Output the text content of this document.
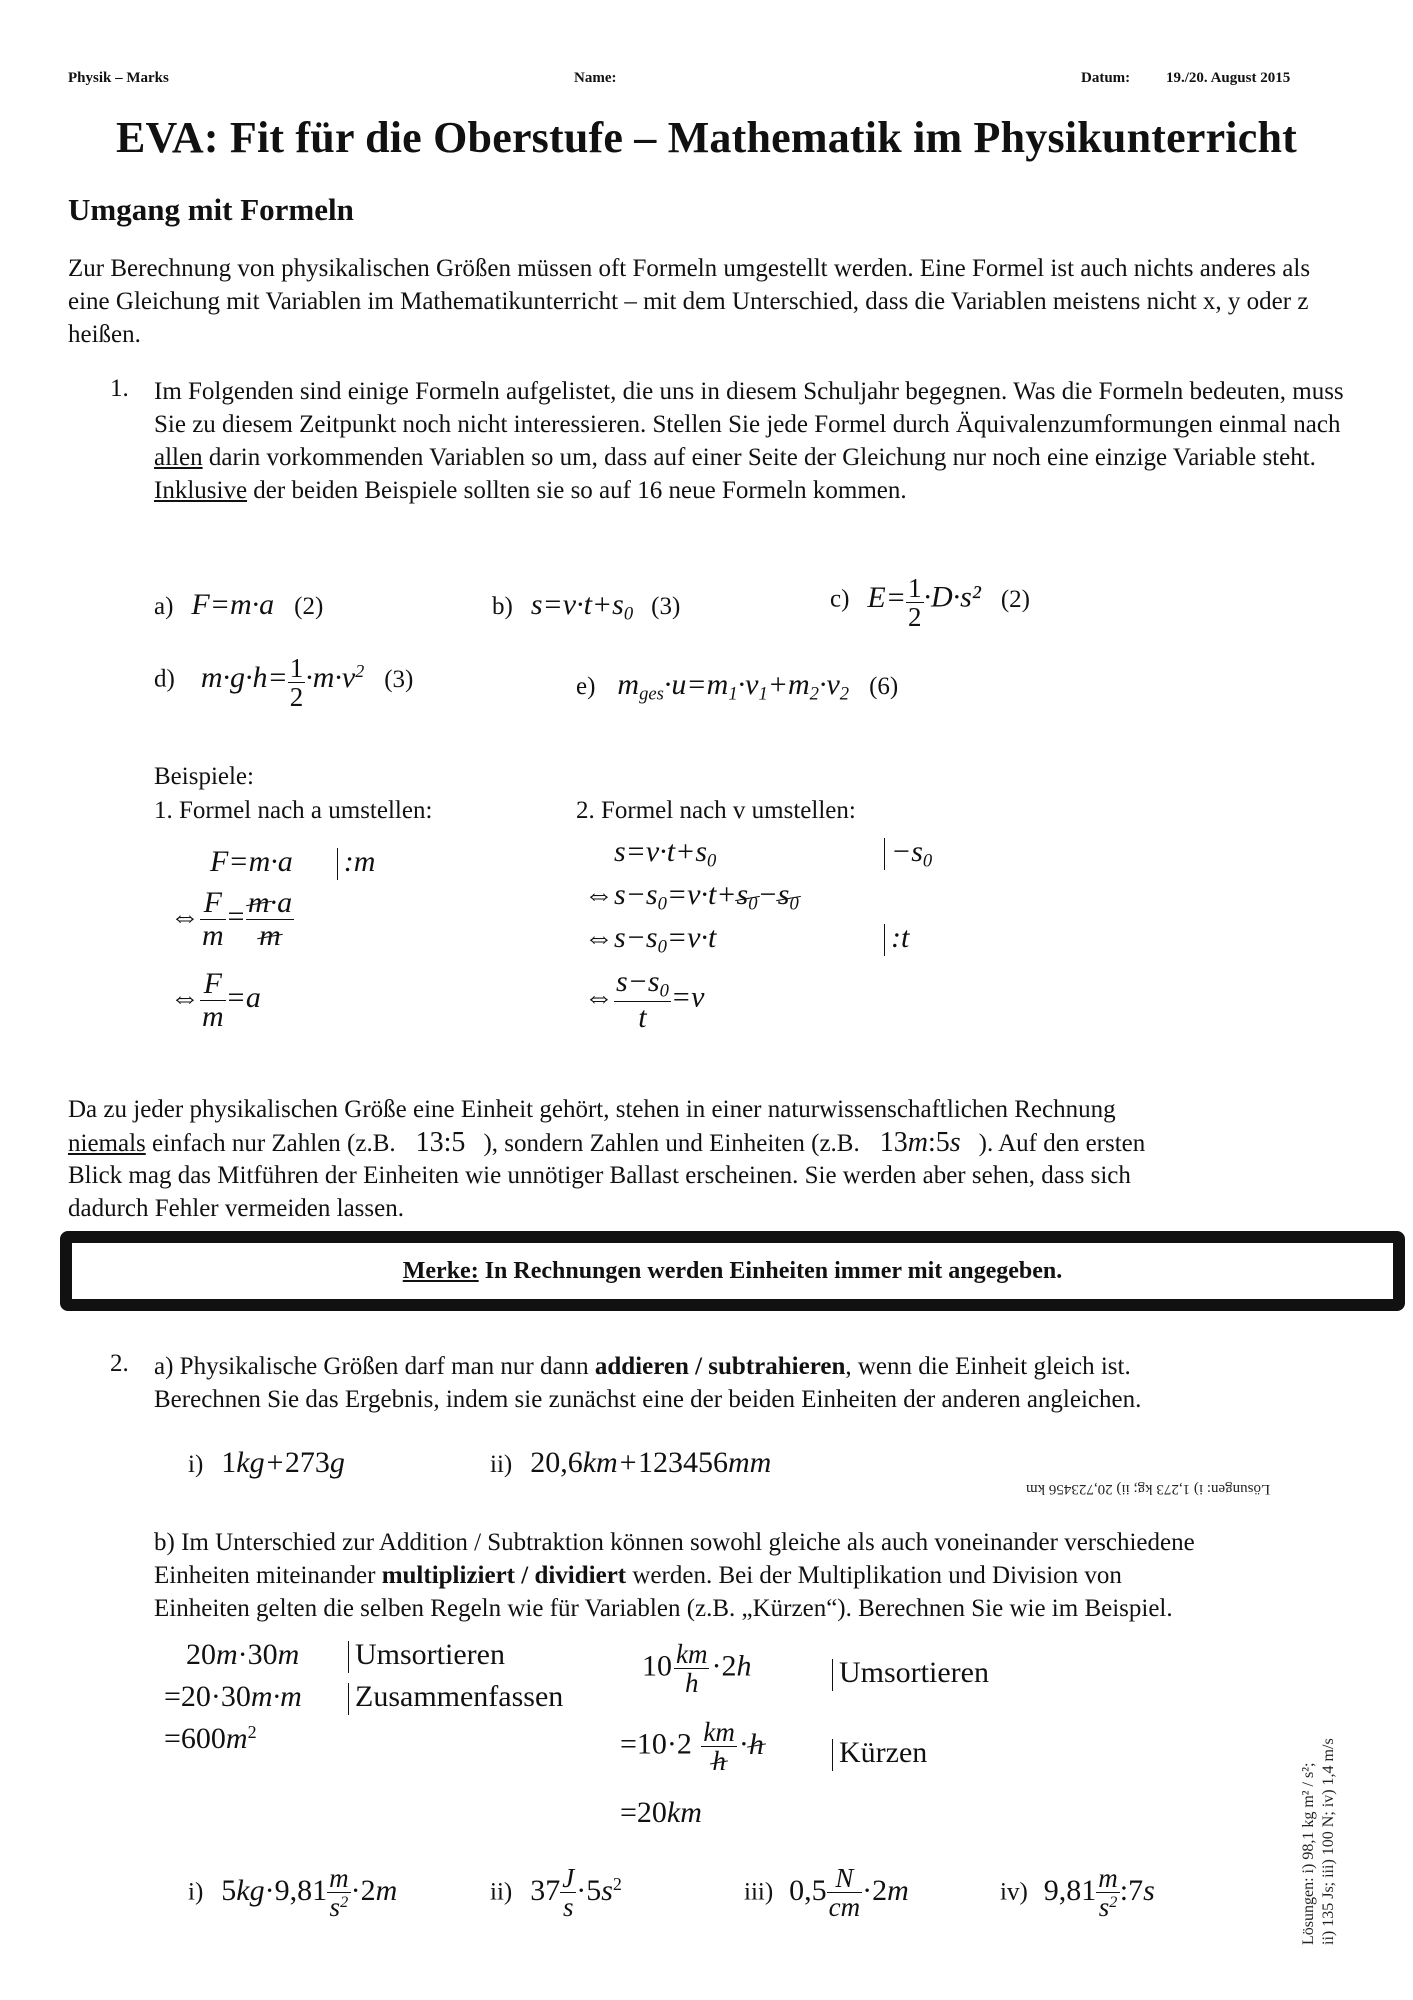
Physik – Marks	Name:	Datum: 19./20. August 2015
EVA: Fit für die Oberstufe – Mathematik im Physikunterricht
Umgang mit Formeln
Zur Berechnung von physikalischen Größen müssen oft Formeln umgestellt werden. Eine Formel ist auch nichts anderes als eine Gleichung mit Variablen im Mathematikunterricht – mit dem Unterschied, dass die Variablen meistens nicht x, y oder z heißen.
1. Im Folgenden sind einige Formeln aufgelistet, die uns in diesem Schuljahr begegnen. Was die Formeln bedeuten, muss Sie zu diesem Zeitpunkt noch nicht interessieren. Stellen Sie jede Formel durch Äquivalenzumformungen einmal nach allen darin vorkommenden Variablen so um, dass auf einer Seite der Gleichung nur noch eine einzige Variable steht. Inklusive der beiden Beispiele sollten sie so auf 16 neue Formeln kommen.
a) F=m·a (2)	b) $s=v\cdot t+s_0$ (3)	c) $E= \frac{1}{2} \cdot D\cdot s^2$ (2)
d) $m\cdot g\cdot h= \frac{1}{2} \cdot m\cdot v^2$ (3)	e) $m_{ges}\cdot u=m_1\cdot v_1+m_2\cdot v_2$ (6)
Beispiele:
1. Formel nach a umstellen:	2. Formel nach v umstellen:
F=m·a :m
⇔ $\frac{F}{m} = \frac{m\cdot a}{m}$
⇔ $\frac{F}{m} =a$
$s=v\cdot t+s_0$	$-s_0$
$\Leftrightarrow s-s_0=v\cdot t+s_0-s_0$
$\Leftrightarrow s-s_0=v\cdot t$	:t
⇔ $\frac{s-s_0}{t} =v$
Da zu jeder physikalischen Größe eine Einheit gehört, stehen in einer naturwissenschaftlichen Rechnung
niemals einfach nur Zahlen (z.B. 13:5 ), sondern Zahlen und Einheiten (z.B. 13m:5s ). Auf den ersten
Blick mag das Mitführen der Einheiten wie unnötiger Ballast erscheinen. Sie werden aber sehen, dass sich
dadurch Fehler vermeiden lassen.
Merke: In Rechnungen werden Einheiten immer mit angegeben.
2. a) Physikalische Größen darf man nur dann addieren / subtrahieren, wenn die Einheit gleich ist.
Berechnen Sie das Ergebnis, indem sie zunächst eine der beiden Einheiten der anderen angleichen.
i) 1kg+273g	ii) 20,6km+123456mm
Lösungen: i) 1,273 kg; ii) 20,723456 km
b) Im Unterschied zur Addition / Subtraktion können sowohl gleiche als auch voneinander verschiedene
Einheiten miteinander multipliziert / dividiert werden. Bei der Multiplikation und Division von
Einheiten gelten die selben Regeln wie für Variablen (z.B. „Kürzen“). Berechnen Sie wie im Beispiel.
20m·30m Umsortieren
=20·30m·m Zusammenfassen
$=600m^2$
$10 \frac{km}{h} \cdot 2h$	Umsortieren
$=10\cdot 2 \frac{km}{h} \cdot h$	Kürzen
=20km
i) $5kg\cdot 9,81 \frac{m}{s^2} \cdot 2m$	ii) $37 \frac{J}{s} \cdot 5s^2$	iii) $0,5 \frac{N}{cm} \cdot 2m$	iv) $9,81 \frac{m}{s^2}$ :7s	Lösungen: i) 98,1 kg m² / s²; ii) 135 Js; iii) 100 N; iv) 1,4 m/s
